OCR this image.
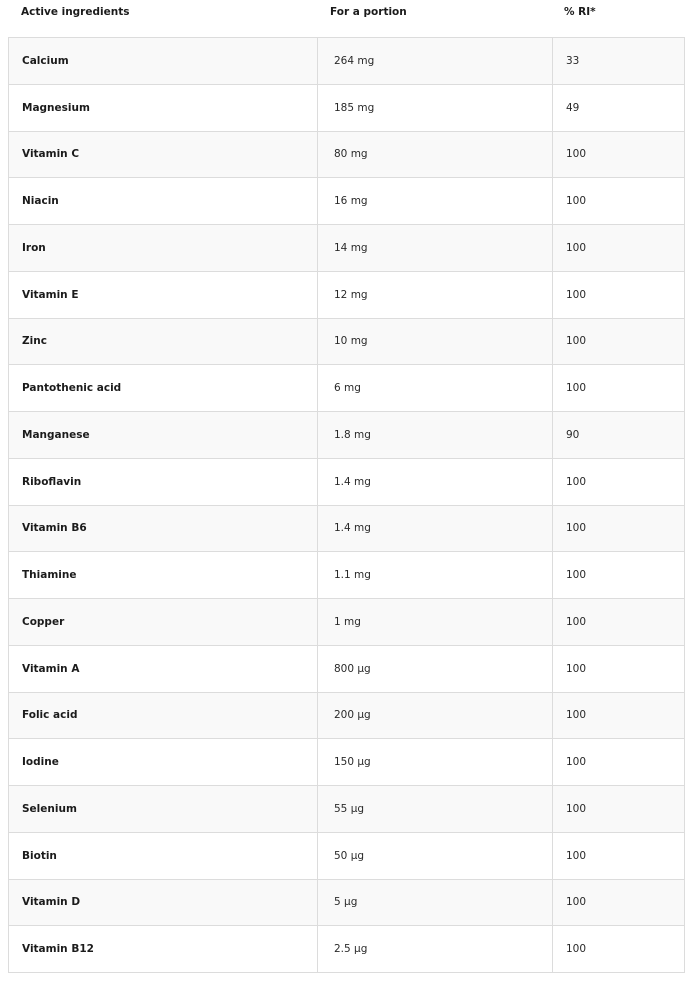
Active ingredients	For a portion	% RI*
Calcium	264 mg	33
Magnesium	185 mg	49
Vitamin C	80 mg	100
Niacin	16 mg	100
Iron	14 mg	100
Vitamin E	12 mg	100
Zinc	10 mg	100
Pantothenic acid	6 mg	100
Manganese	1.8 mg	90
Riboflavin	1.4 mg	100
Vitamin B6	1.4 mg	100
Thiamine	1.1 mg	100
Copper	1 mg	100
Vitamin A	800 µg	100
Folic acid	200 µg	100
Iodine	150 µg	100
Selenium	55 µg	100
Biotin	50 µg	100
Vitamin D	5 µg	100
Vitamin B12	2.5 µg	100
